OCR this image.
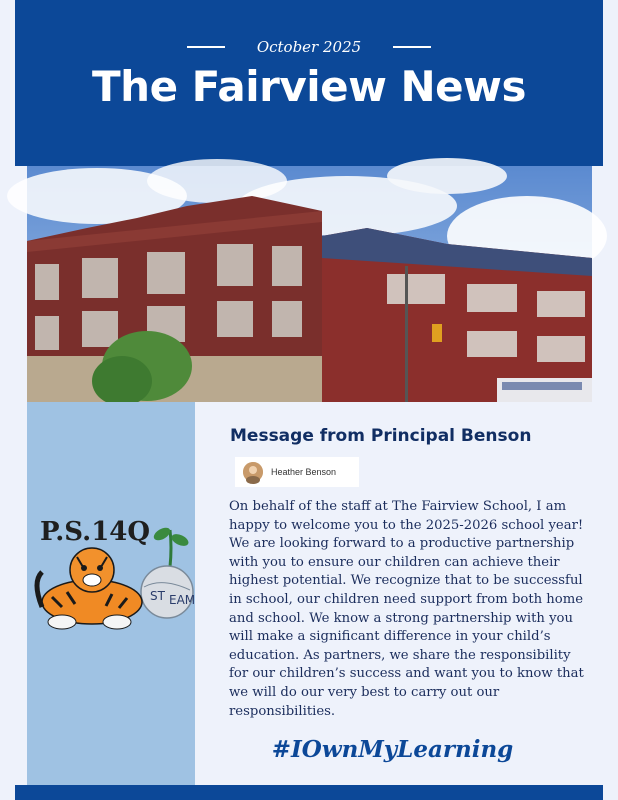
October 2025
The Fairview News
P.S.14Q
ST EAM
Message from Principal Benson
Heather Benson

On behalf of the staff at The Fairview School, I am happy to welcome you to the 2025-2026 school year! We are looking forward to a productive partnership with you to ensure our children can achieve their highest potential. We recognize that to be successful in school, our children need support from both home and school. We know a strong partnership with you will make a significant difference in your child’s education. As partners, we share the responsibility for our children’s success and want you to know that we will do our very best to carry out our responsibilities.

#IOwnMyLearning
